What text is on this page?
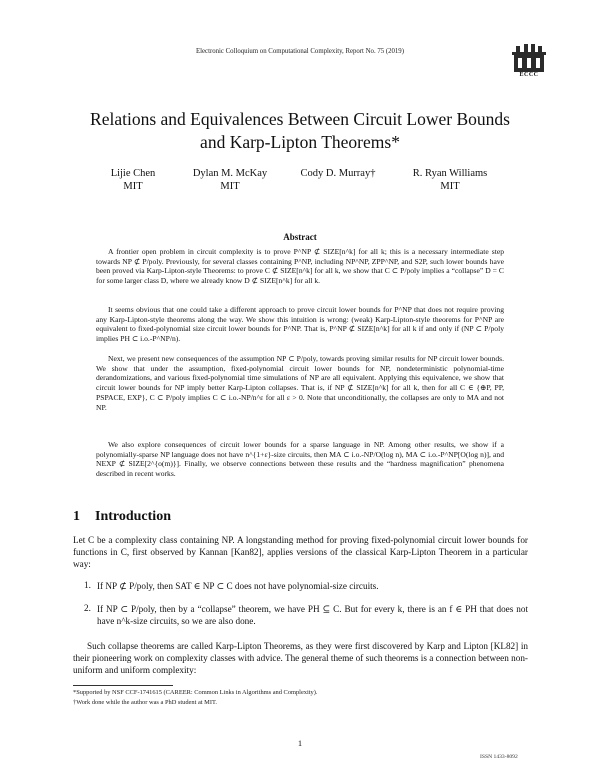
Electronic Colloquium on Computational Complexity, Report No. 75 (2019)
ECCC
Relations and Equivalences Between Circuit Lower Bounds
and Karp-Lipton Theorems*
Lijie Chen
MIT
Dylan M. McKay
MIT
Cody D. Murray†	R. Ryan Williams
MIT
Abstract
A frontier open problem in circuit complexity is to prove P^NP ⊄ SIZE[n^k] for all k; this is a necessary intermediate step towards NP ⊄ P/poly. Previously, for several classes containing P^NP, including NP^NP, ZPP^NP, and S2P, such lower bounds have been proved via Karp-Lipton-style Theorems: to prove C ⊄ SIZE[n^k] for all k, we show that C ⊂ P/poly implies a “collapse” D = C for some larger class D, where we already know D ⊄ SIZE[n^k] for all k.
It seems obvious that one could take a different approach to prove circuit lower bounds for P^NP that does not require proving any Karp-Lipton-style theorems along the way. We show this intuition is wrong: (weak) Karp-Lipton-style theorems for P^NP are equivalent to fixed-polynomial size circuit lower bounds for P^NP. That is, P^NP ⊄ SIZE[n^k] for all k if and only if (NP ⊂ P/poly implies PH ⊂ i.o.-P^NP/n).
Next, we present new consequences of the assumption NP ⊂ P/poly, towards proving similar results for NP circuit lower bounds. We show that under the assumption, fixed-polynomial circuit lower bounds for NP, nondeterministic polynomial-time derandomizations, and various fixed-polynomial time simulations of NP are all equivalent. Applying this equivalence, we show that circuit lower bounds for NP imply better Karp-Lipton collapses. That is, if NP ⊄ SIZE[n^k] for all k, then for all C ∈ {⊕P, PP, PSPACE, EXP}, C ⊂ P/poly implies C ⊂ i.o.-NP/n^ε for all ε > 0. Note that unconditionally, the collapses are only to MA and not NP.
We also explore consequences of circuit lower bounds for a sparse language in NP. Among other results, we show if a polynomially-sparse NP language does not have n^{1+ε}-size circuits, then MA ⊂ i.o.-NP/O(log n), MA ⊂ i.o.-P^NP[O(log n)], and NEXP ⊄ SIZE[2^{o(m)}]. Finally, we observe connections between these results and the “hardness magnification” phenomena described in recent works.
1 Introduction
Let C be a complexity class containing NP. A longstanding method for proving fixed-polynomial circuit lower bounds for functions in C, first observed by Kannan [Kan82], applies versions of the classical Karp-Lipton Theorem in a particular way:
1. If NP ⊄ P/poly, then SAT ∈ NP ⊂ C does not have polynomial-size circuits.
2. If NP ⊂ P/poly, then by a “collapse” theorem, we have PH ⊆ C. But for every k, there is an f ∈ PH that does not have n^k-size circuits, so we are also done.
Such collapse theorems are called Karp-Lipton Theorems, as they were first discovered by Karp and Lipton [KL82] in their pioneering work on complexity classes with advice. The general theme of such theorems is a connection between non-uniform and uniform complexity:
*Supported by NSF CCF-1741615 (CAREER: Common Links in Algorithms and Complexity).
†Work done while the author was a PhD student at MIT.
1
ISSN 1433-8092
